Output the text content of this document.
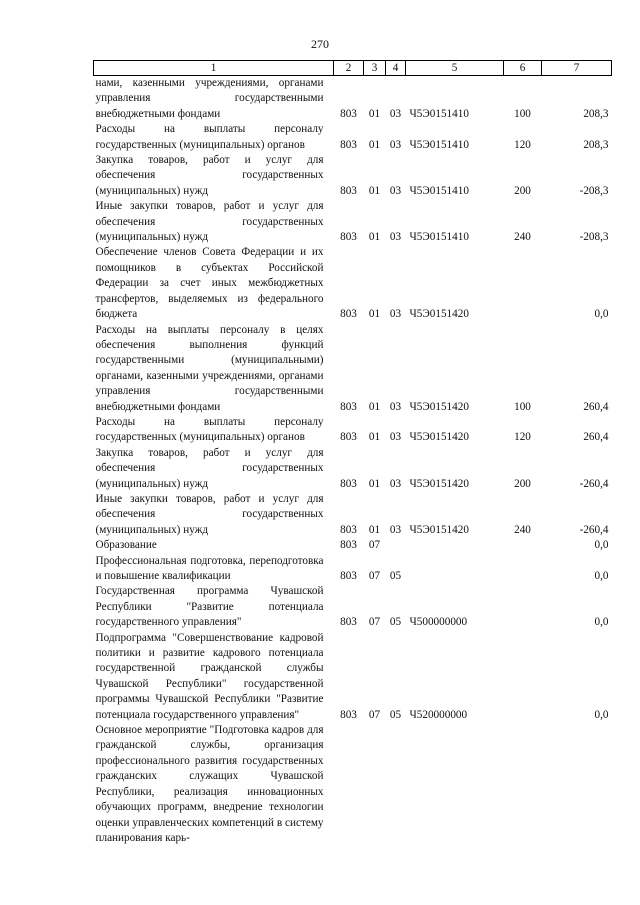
270
1	2	3	4	5	6	7
нами, казенными учреждениями, органами управления государственными внебюджетными фондами	803	01	03	Ч5Э0151410	100	208,3
Расходы на выплаты персоналу государственных (муниципальных) органов	803	01	03	Ч5Э0151410	120	208,3
Закупка товаров, работ и услуг для обеспечения государственных (муниципальных) нужд	803	01	03	Ч5Э0151410	200	-208,3
Иные закупки товаров, работ и услуг для обеспечения государственных (муниципальных) нужд	803	01	03	Ч5Э0151410	240	-208,3
Обеспечение членов Совета Федерации и их помощников в субъектах Российской Федерации за счет иных межбюджетных трансфертов, выделяемых из федерального бюджета	803	01	03	Ч5Э0151420		0,0
Расходы на выплаты персоналу в целях обеспечения выполнения функций государственными (муниципальными) органами, казенными учреждениями, органами управления государственными внебюджетными фондами	803	01	03	Ч5Э0151420	100	260,4
Расходы на выплаты персоналу государственных (муниципальных) органов	803	01	03	Ч5Э0151420	120	260,4
Закупка товаров, работ и услуг для обеспечения государственных (муниципальных) нужд	803	01	03	Ч5Э0151420	200	-260,4
Иные закупки товаров, работ и услуг для обеспечения государственных (муниципальных) нужд	803	01	03	Ч5Э0151420	240	-260,4
Образование	803	07				0,0
Профессиональная подготовка, переподготовка и повышение квалификации	803	07	05			0,0
Государственная программа Чувашской Республики "Развитие потенциала государственного управления"	803	07	05	Ч500000000		0,0
Подпрограмма "Совершенствование кадровой политики и развитие кадрового потенциала государственной гражданской службы Чувашской Республики" государственной программы Чувашской Республики "Развитие потенциала государственного управления"	803	07	05	Ч520000000		0,0
Основное мероприятие "Подготовка кадров для гражданской службы, организация профессионального развития государственных гражданских служащих Чувашской Республики, реализация инновационных обучающих программ, внедрение технологии оценки управленческих компетенций в систему планирования карь-						
